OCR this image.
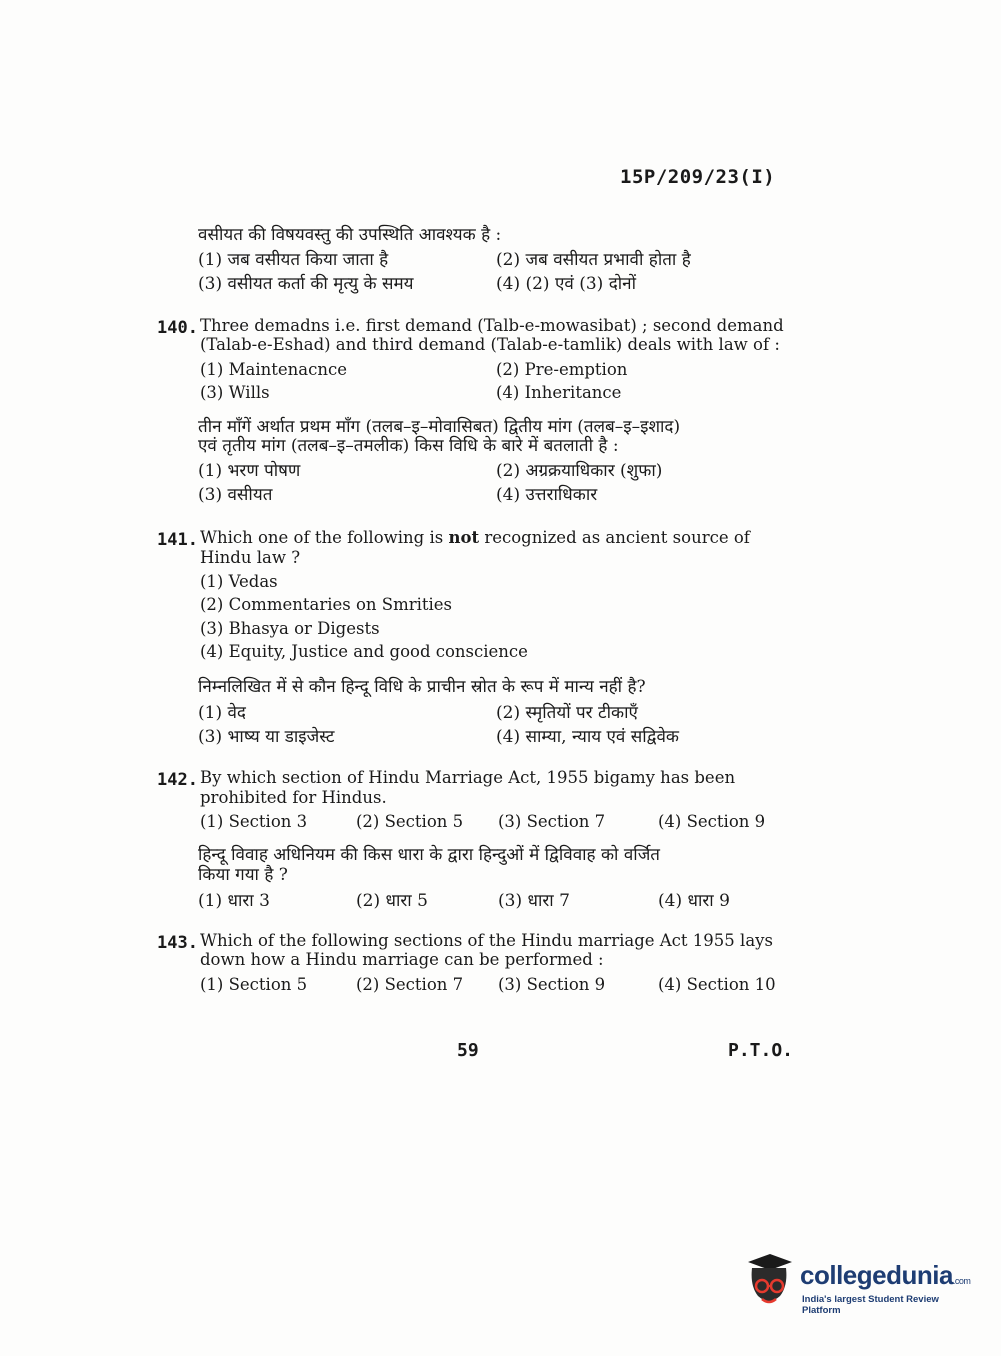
15P/209/23(I)
वसीयत की विषयवस्तु की उपस्थिति आवश्यक है :
(1) जब वसीयत किया जाता है	(2) जब वसीयत प्रभावी होता है
(3) वसीयत कर्ता की मृत्यु के समय	(4) (2) एवं (3) दोनों
140. Three demadns i.e. first demand (Talb-e-mowasibat) ; second demand
(Talab-e-Eshad) and third demand (Talab-e-tamlik) deals with law of :
(1) Maintenacnce	(2) Pre-emption
(3) Wills	(4) Inheritance
तीन माँगें अर्थात प्रथम माँग (तलब–इ–मोवासिबत) द्वितीय मांग (तलब–इ–इशाद)
एवं तृतीय मांग (तलब–इ–तमलीक) किस विधि के बारे में बतलाती है :
(1) भरण पोषण	(2) अग्रक्रयाधिकार (शुफा)
(3) वसीयत	(4) उत्तराधिकार
141. Which one of the following is not recognized as ancient source of
Hindu law ?
(1) Vedas
(2) Commentaries on Smrities
(3) Bhasya or Digests
(4) Equity, Justice and good conscience
निम्नलिखित में से कौन हिन्दू विधि के प्राचीन स्रोत के रूप में मान्य नहीं है?
(1) वेद	(2) स्मृतियों पर टीकाएँ
(3) भाष्य या डाइजेस्ट	(4) साम्या, न्याय एवं सद्विवेक
142. By which section of Hindu Marriage Act, 1955 bigamy has been
prohibited for Hindus.
(1) Section 3	(2) Section 5 (3) Section 7	(4) Section 9
हिन्दू विवाह अधिनियम की किस धारा के द्वारा हिन्दुओं में द्विविवाह को वर्जित
किया गया है ?
(1) धारा 3	(2) धारा 5	(3) धारा 7	(4) धारा 9
143. Which of the following sections of the Hindu marriage Act 1955 lays
down how a Hindu marriage can be performed :
(1) Section 5	(2) Section 7 (3) Section 9	(4) Section 10
59	P.T.O.
collegedunia.com
India's largest Student Review Platform
